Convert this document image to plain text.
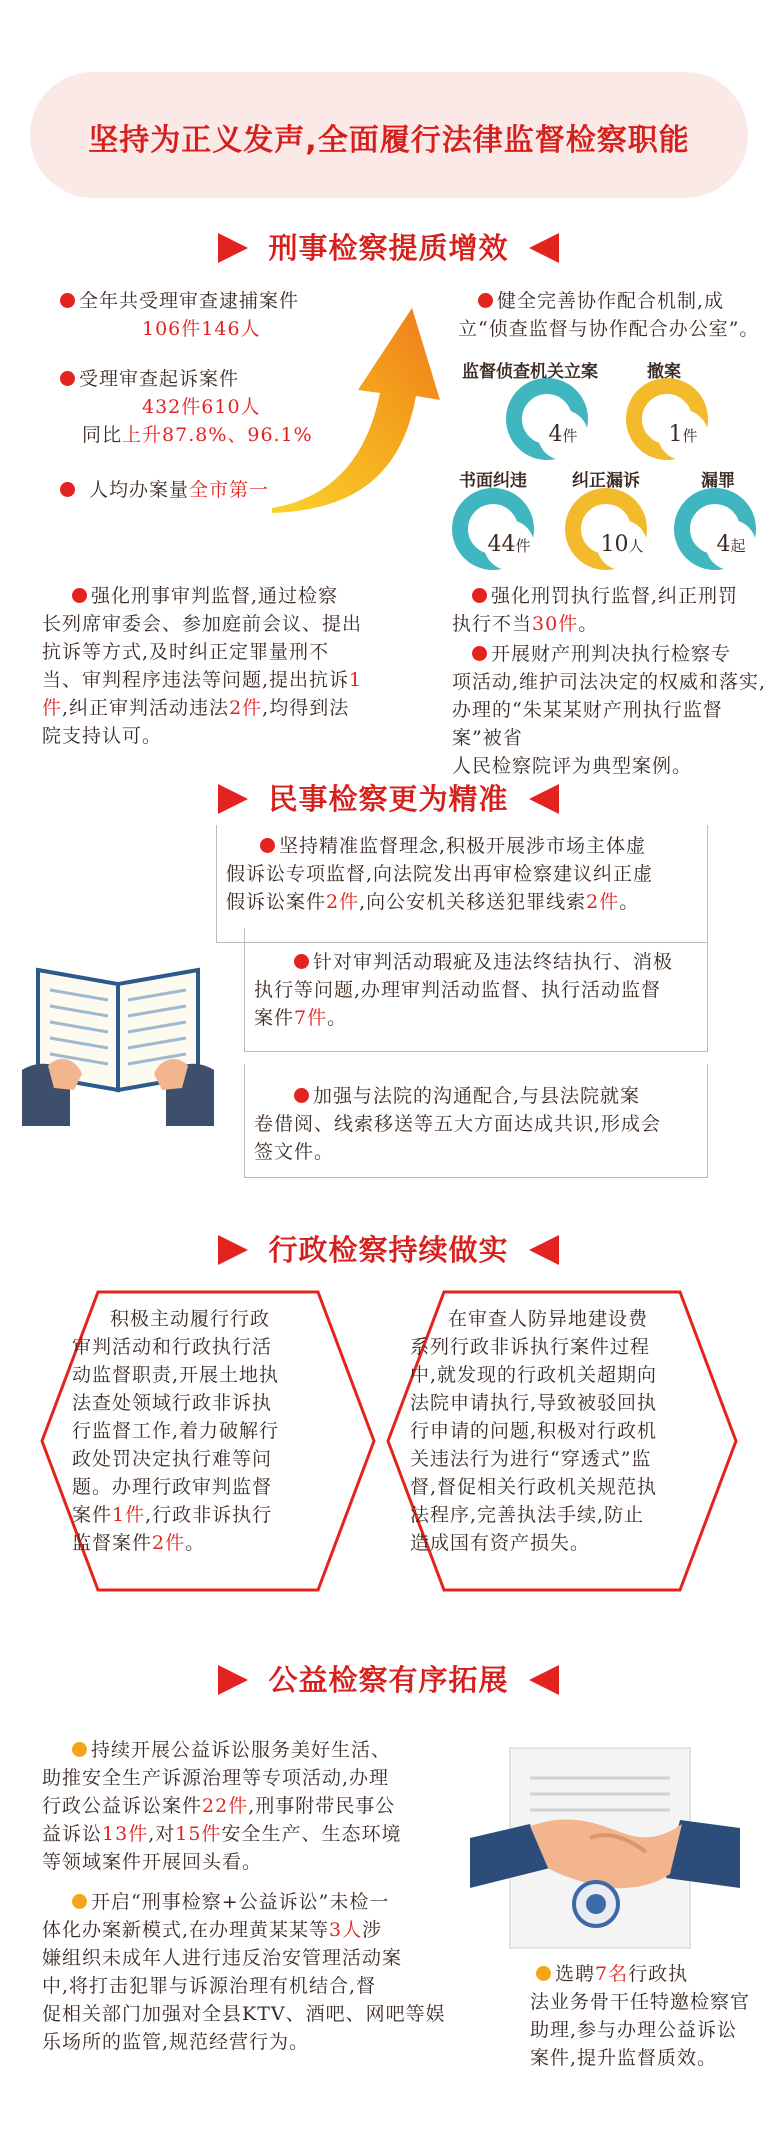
坚持为正义发声,全面履行法律监督检察职能
刑事检察提质增效
全年共受理审查逮捕案件
106件146人
受理审查起诉案件
432件610人
同比上升87.8%、96.1%
人均办案量全市第一
健全完善协作配合机制,成
立“侦查监督与协作配合办公室”。
监督侦查机关立案	撤案
4件	1件
书面纠违	纠正漏诉	漏罪
44件	10人	4起
强化刑事审判监督,通过检察
长列席审委会、参加庭前会议、提出
抗诉等方式,及时纠正定罪量刑不
当、审判程序违法等问题,提出抗诉1
件,纠正审判活动违法2件,均得到法
院支持认可。
强化刑罚执行监督,纠正刑罚
执行不当30件。
开展财产刑判决执行检察专
项活动,维护司法决定的权威和落实,
办理的“朱某某财产刑执行监督案”被省
人民检察院评为典型案例。
民事检察更为精准
坚持精准监督理念,积极开展涉市场主体虚
假诉讼专项监督,向法院发出再审检察建议纠正虚
假诉讼案件2件,向公安机关移送犯罪线索2件。
针对审判活动瑕疵及违法终结执行、消极
执行等问题,办理审判活动监督、执行活动监督
案件7件。
加强与法院的沟通配合,与县法院就案
卷借阅、线索移送等五大方面达成共识,形成会
签文件。
行政检察持续做实
积极主动履行行政
审判活动和行政执行活
动监督职责,开展土地执
法查处领域行政非诉执
行监督工作,着力破解行
政处罚决定执行难等问
题。办理行政审判监督
案件1件,行政非诉执行
监督案件2件。
在审查人防异地建设费
系列行政非诉执行案件过程
中,就发现的行政机关超期向
法院申请执行,导致被驳回执
行申请的问题,积极对行政机
关违法行为进行“穿透式”监
督,督促相关行政机关规范执
法程序,完善执法手续,防止
造成国有资产损失。
公益检察有序拓展
持续开展公益诉讼服务美好生活、
助推安全生产诉源治理等专项活动,办理
行政公益诉讼案件22件,刑事附带民事公
益诉讼13件,对15件安全生产、生态环境
等领域案件开展回头看。
开启“刑事检察+公益诉讼”未检一
体化办案新模式,在办理黄某某等3人涉
嫌组织未成年人进行违反治安管理活动案
中,将打击犯罪与诉源治理有机结合,督
促相关部门加强对全县KTV、酒吧、网吧等娱
乐场所的监管,规范经营行为。
选聘7名行政执
法业务骨干任特邀检察官
助理,参与办理公益诉讼
案件,提升监督质效。
